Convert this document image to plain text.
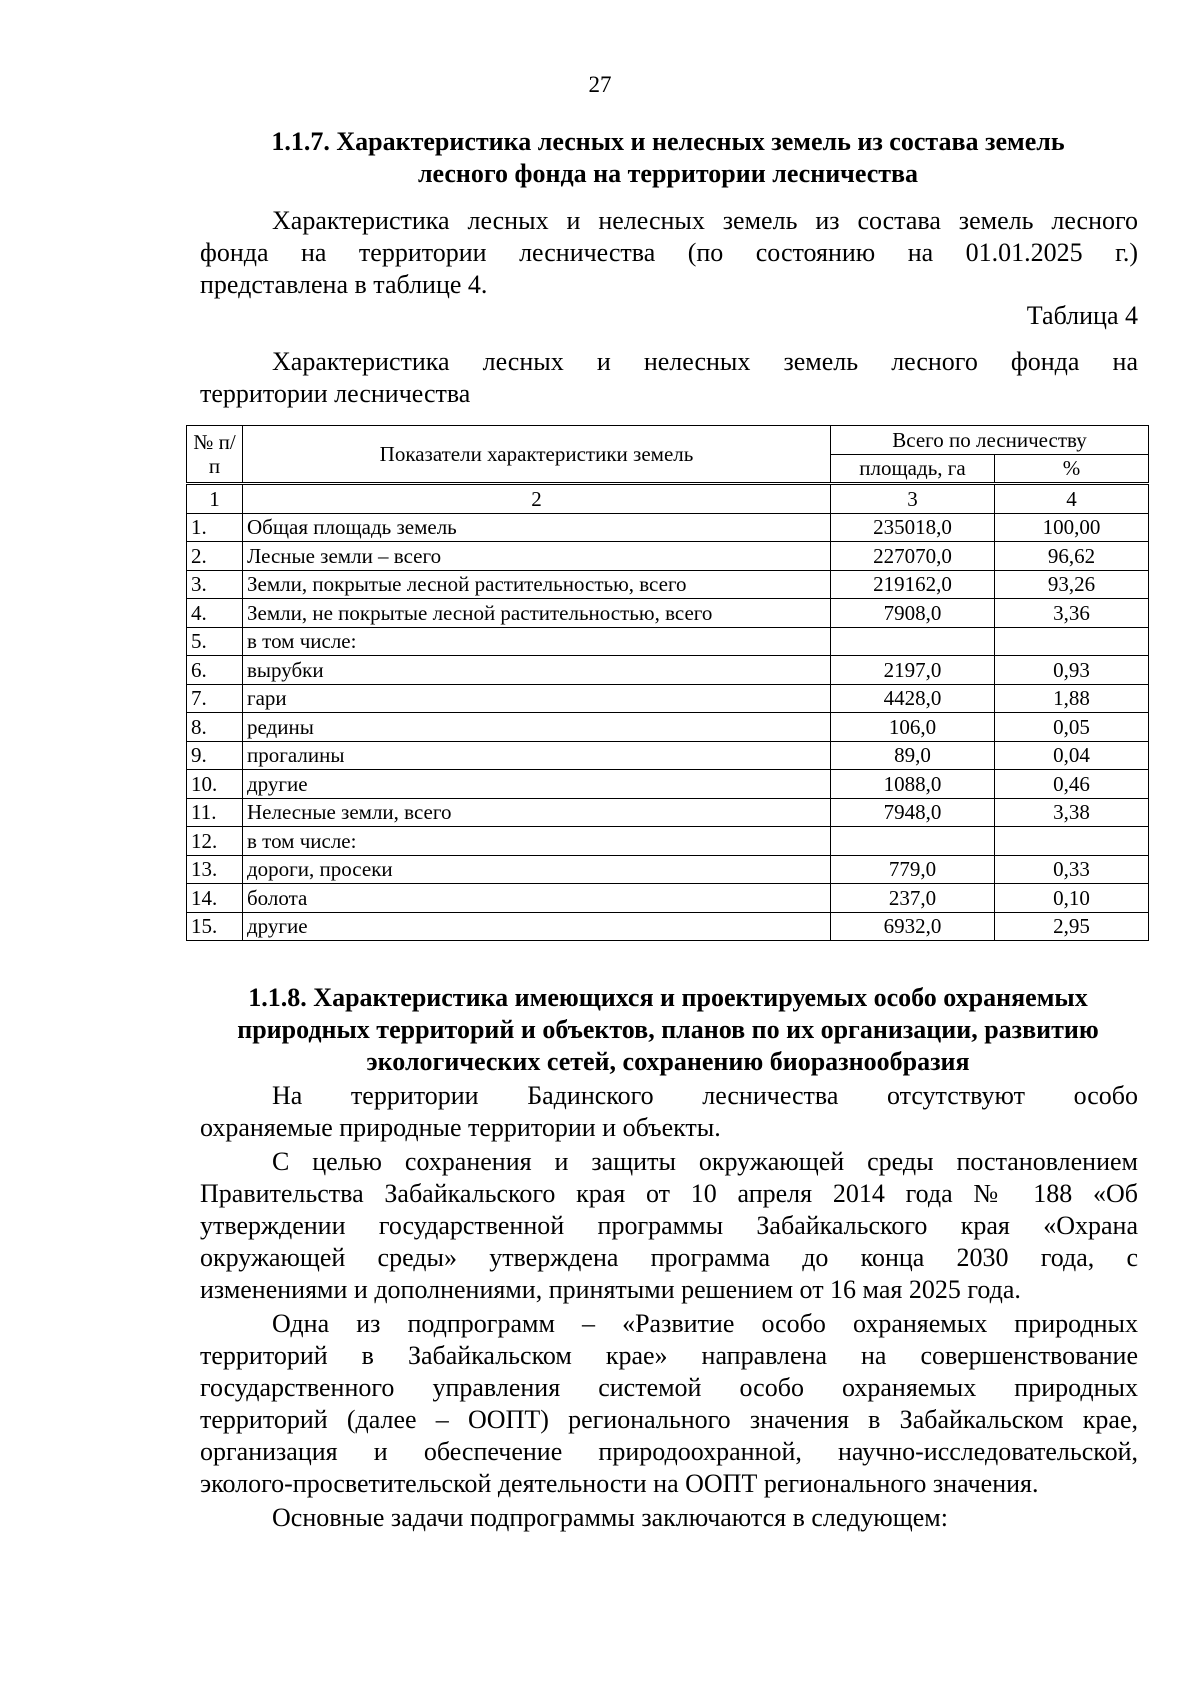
27
1.1.7. Характеристика лесных и нелесных земель из состава земель
лесного фонда на территории лесничества
Характеристика лесных и нелесных земель из состава земель лесного
фонда на территории лесничества (по состоянию на 01.01.2025 г.)
представлена в таблице 4.
Таблица 4
Характеристика лесных и нелесных земель лесного фонда на
территории лесничества
№ п/п	Показатели характеристики земель	Всего по лесничеству	
		площадь, га	%
1	2	3	4
1.	Общая площадь земель	235018,0	100,00
2.	Лесные земли – всего	227070,0	96,62
3.	Земли, покрытые лесной растительностью, всего	219162,0	93,26
4.	Земли, не покрытые лесной растительностью, всего	7908,0	3,36
5.	в том числе:		
6.	вырубки	2197,0	0,93
7.	гари	4428,0	1,88
8.	редины	106,0	0,05
9.	прогалины	89,0	0,04
10.	другие	1088,0	0,46
11.	Нелесные земли, всего	7948,0	3,38
12.	в том числе:		
13.	дороги, просеки	779,0	0,33
14.	болота	237,0	0,10
15.	другие	6932,0	2,95
1.1.8. Характеристика имеющихся и проектируемых особо охраняемых
природных территорий и объектов, планов по их организации, развитию
экологических сетей, сохранению биоразнообразия
На территории Бадинского лесничества отсутствуют особо
охраняемые природные территории и объекты.
С целью сохранения и защиты окружающей среды постановлением
Правительства Забайкальского края от 10 апреля 2014 года № 188 «Об
утверждении государственной программы Забайкальского края «Охрана
окружающей среды» утверждена программа до конца 2030 года, с
изменениями и дополнениями, принятыми решением от 16 мая 2025 года.
Одна из подпрограмм – «Развитие особо охраняемых природных
территорий в Забайкальском крае» направлена на совершенствование
государственного управления системой особо охраняемых природных
территорий (далее – ООПТ) регионального значения в Забайкальском крае,
организация и обеспечение природоохранной, научно-исследовательской,
эколого-просветительской деятельности на ООПТ регионального значения.
Основные задачи подпрограммы заключаются в следующем:
